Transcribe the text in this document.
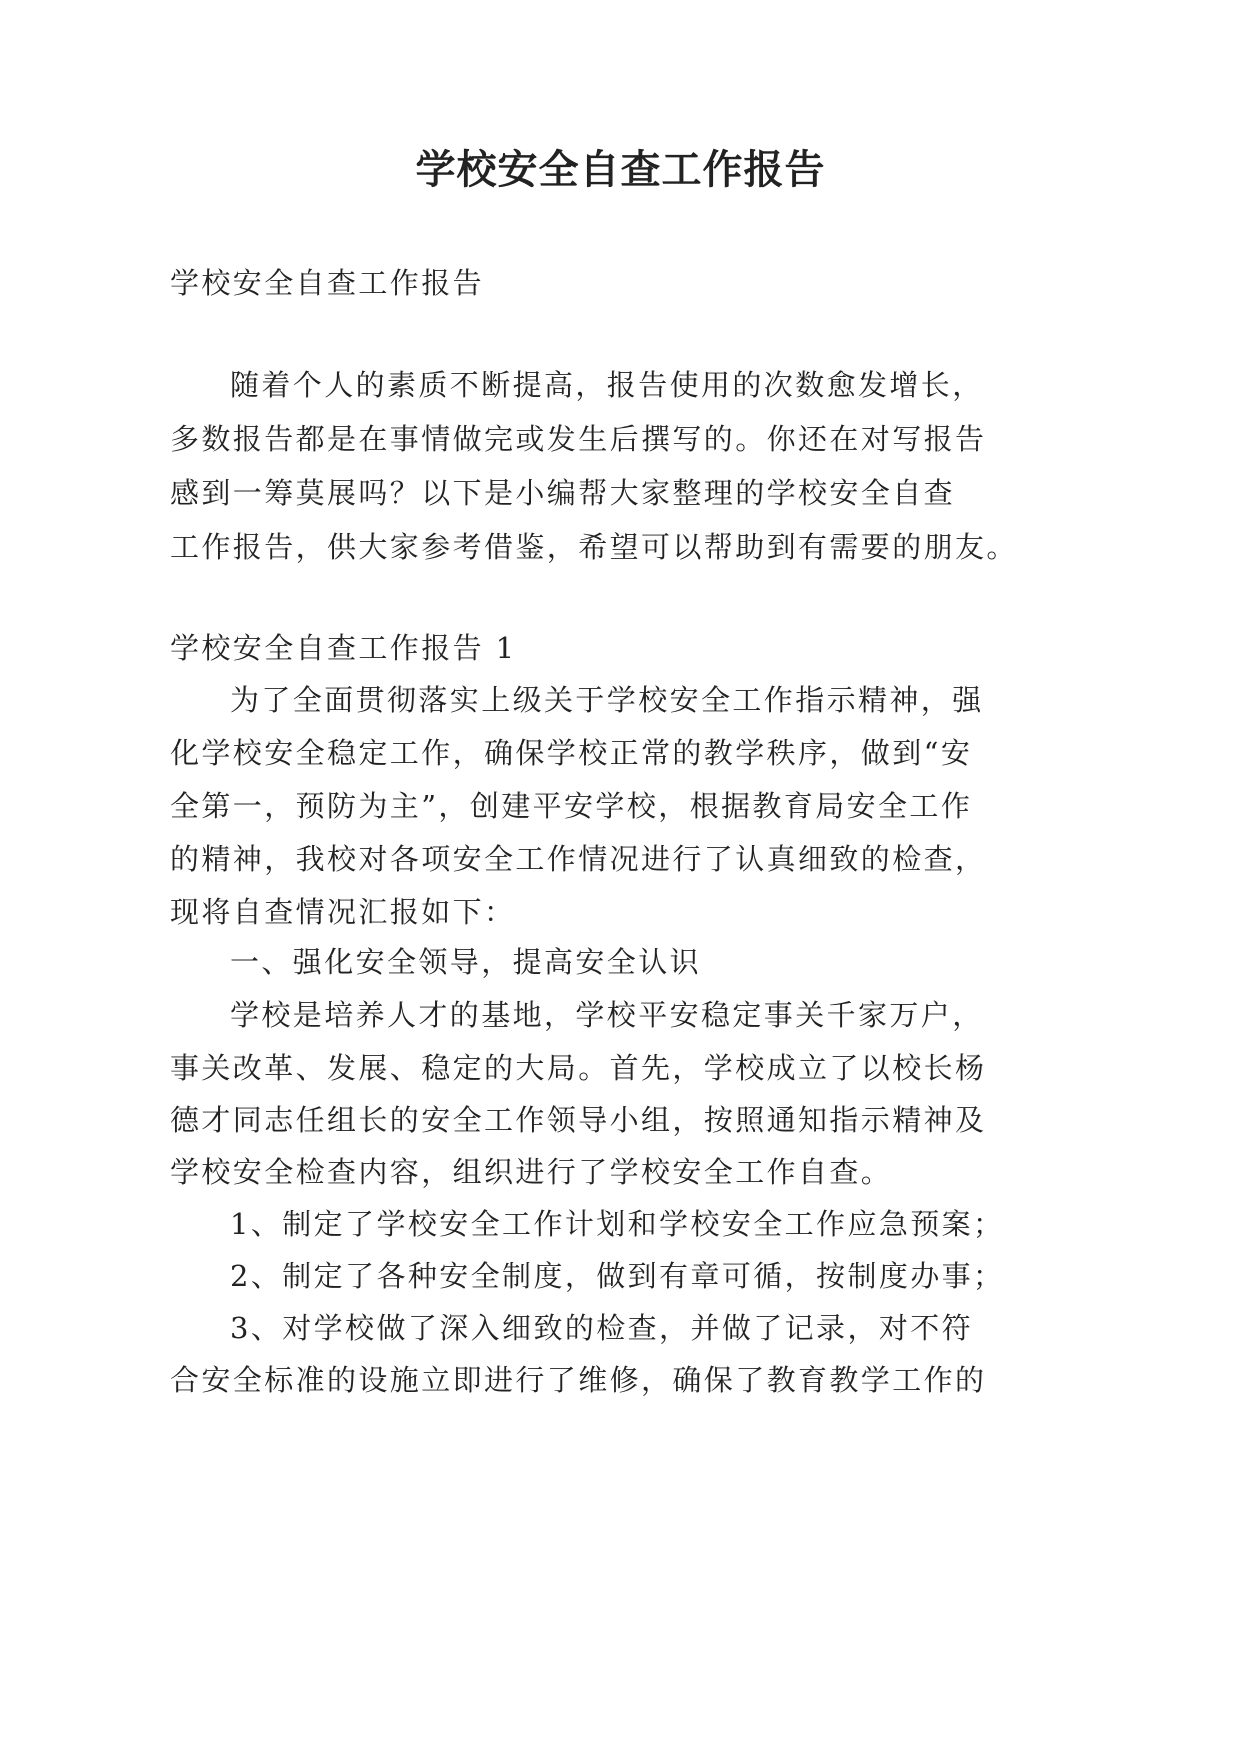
学校安全自查工作报告
学校安全自查工作报告
随着个人的素质不断提高，报告使用的次数愈发增长，
多数报告都是在事情做完或发生后撰写的。你还在对写报告
感到一筹莫展吗？以下是小编帮大家整理的学校安全自查
工作报告，供大家参考借鉴，希望可以帮助到有需要的朋友。
学校安全自查工作报告 1
为了全面贯彻落实上级关于学校安全工作指示精神，强
化学校安全稳定工作，确保学校正常的教学秩序，做到“安
全第一，预防为主”，创建平安学校，根据教育局安全工作
的精神，我校对各项安全工作情况进行了认真细致的检查，
现将自查情况汇报如下：
一、强化安全领导，提高安全认识
学校是培养人才的基地，学校平安稳定事关千家万户，
事关改革、发展、稳定的大局。首先，学校成立了以校长杨
德才同志任组长的安全工作领导小组，按照通知指示精神及
学校安全检查内容，组织进行了学校安全工作自查。
1、制定了学校安全工作计划和学校安全工作应急预案；
2、制定了各种安全制度，做到有章可循，按制度办事；
3、对学校做了深入细致的检查，并做了记录，对不符
合安全标准的设施立即进行了维修，确保了教育教学工作的
